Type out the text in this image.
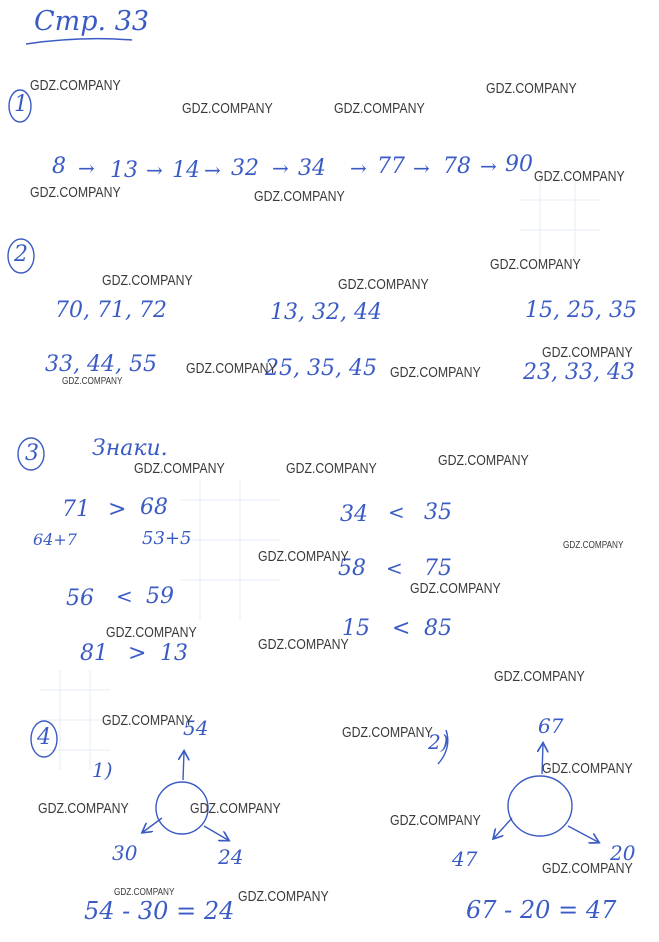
Стр. 33
1
8 → 13 → 14 → 32 → 34 → 77 → 78 → 90
2
70, 71, 72	13, 32, 44	15, 25, 35
33, 44, 55	25, 35, 45	23, 33, 43
3 Знаки.
71 > 68
64+7	53+5
34 < 35
56 < 59
58 < 75
81 > 13
15 < 85
4
1)
54
30	24
54 - 30 = 24
2)
67
47	20
67 - 20 = 47
GDZ.COMPANY	GDZ.COMPANY
GDZ.COMPANY	GDZ.COMPANY
GDZ.COMPANY
GDZ.COMPANY	GDZ.COMPANY
GDZ.COMPANY
GDZ.COMPANY	GDZ.COMPANY
GDZ.COMPANY
GDZ.COMPANY	GDZ.COMPANY
GDZ.COMPANY
GDZ.COMPANY
GDZ.COMPANY	GDZ.COMPANY
GDZ.COMPANY
GDZ.COMPANY
GDZ.COMPANY
GDZ.COMPANY
GDZ.COMPANY
GDZ.COMPANY
GDZ.COMPANY
GDZ.COMPANY
GDZ.COMPANY
GDZ.COMPANY	GDZ.COMPANY
GDZ.COMPANY
GDZ.COMPANY
GDZ.COMPANY	GDZ.COMPANY
